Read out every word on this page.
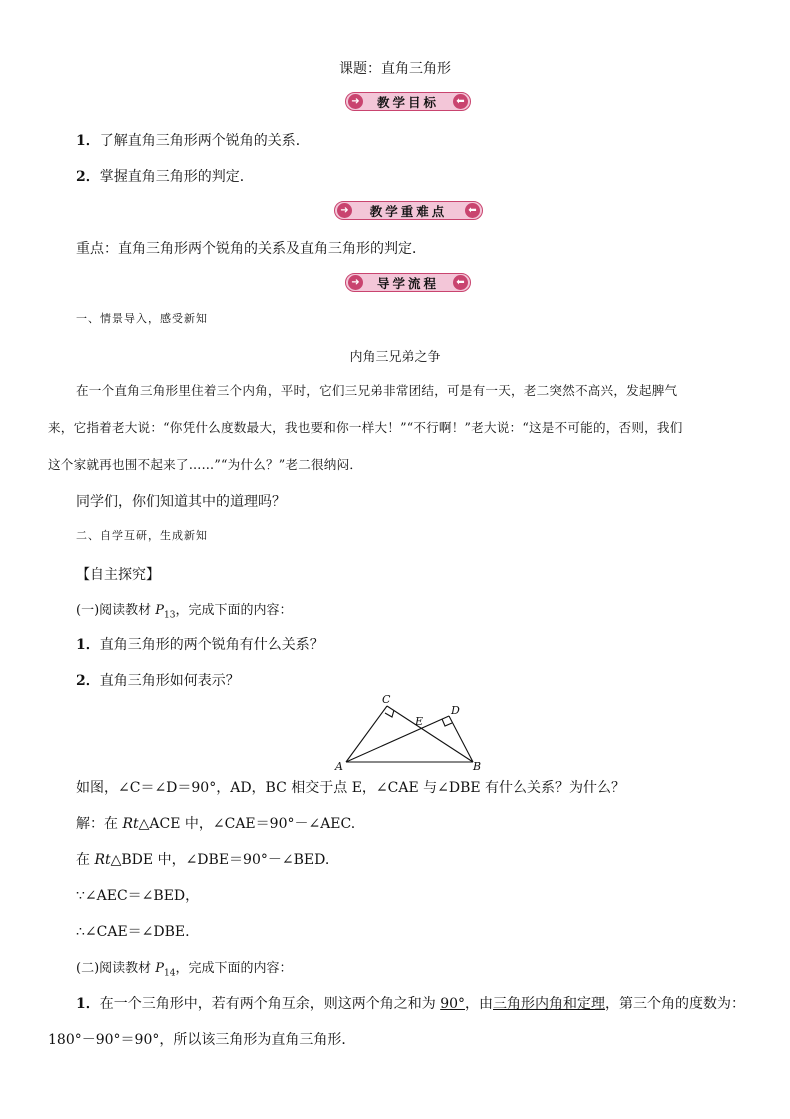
课题：直角三角形
➜	教学目标	⬅
1．了解直角三角形两个锐角的关系．
2．掌握直角三角形的判定．
➜	教学重难点	⬅
重点：直角三角形两个锐角的关系及直角三角形的判定．
➜	导学流程	⬅
一、情景导入，感受新知
内角三兄弟之争
在一个直角三角形里住着三个内角，平时，它们三兄弟非常团结，可是有一天，老二突然不高兴，发起脾气
来，它指着老大说：“你凭什么度数最大，我也要和你一样大！”“不行啊！”老大说：“这是不可能的，否则，我们
这个家就再也围不起来了……”“为什么？”老二很纳闷．
同学们，你们知道其中的道理吗？
二、自学互研，生成新知
【自主探究】
(一)阅读教材 $P_{13}$，完成下面的内容：
1．直角三角形的两个锐角有什么关系？
2．直角三角形如何表示？
A	B
C
D
E
如图，∠C＝∠D＝90°，AD，BC 相交于点 E，∠CAE 与∠DBE 有什么关系？为什么？
解：在 Rt△ACE 中，∠CAE＝90°－∠AEC.
在 Rt△BDE 中，∠DBE＝90°－∠BED.
∵∠AEC＝∠BED，
∴∠CAE＝∠DBE.
(二)阅读教材 $P_{14}$，完成下面的内容：
1．在一个三角形中，若有两个角互余，则这两个角之和为 90°，由三角形内角和定理，第三个角的度数为：
180°－90°＝90°，所以该三角形为直角三角形．
